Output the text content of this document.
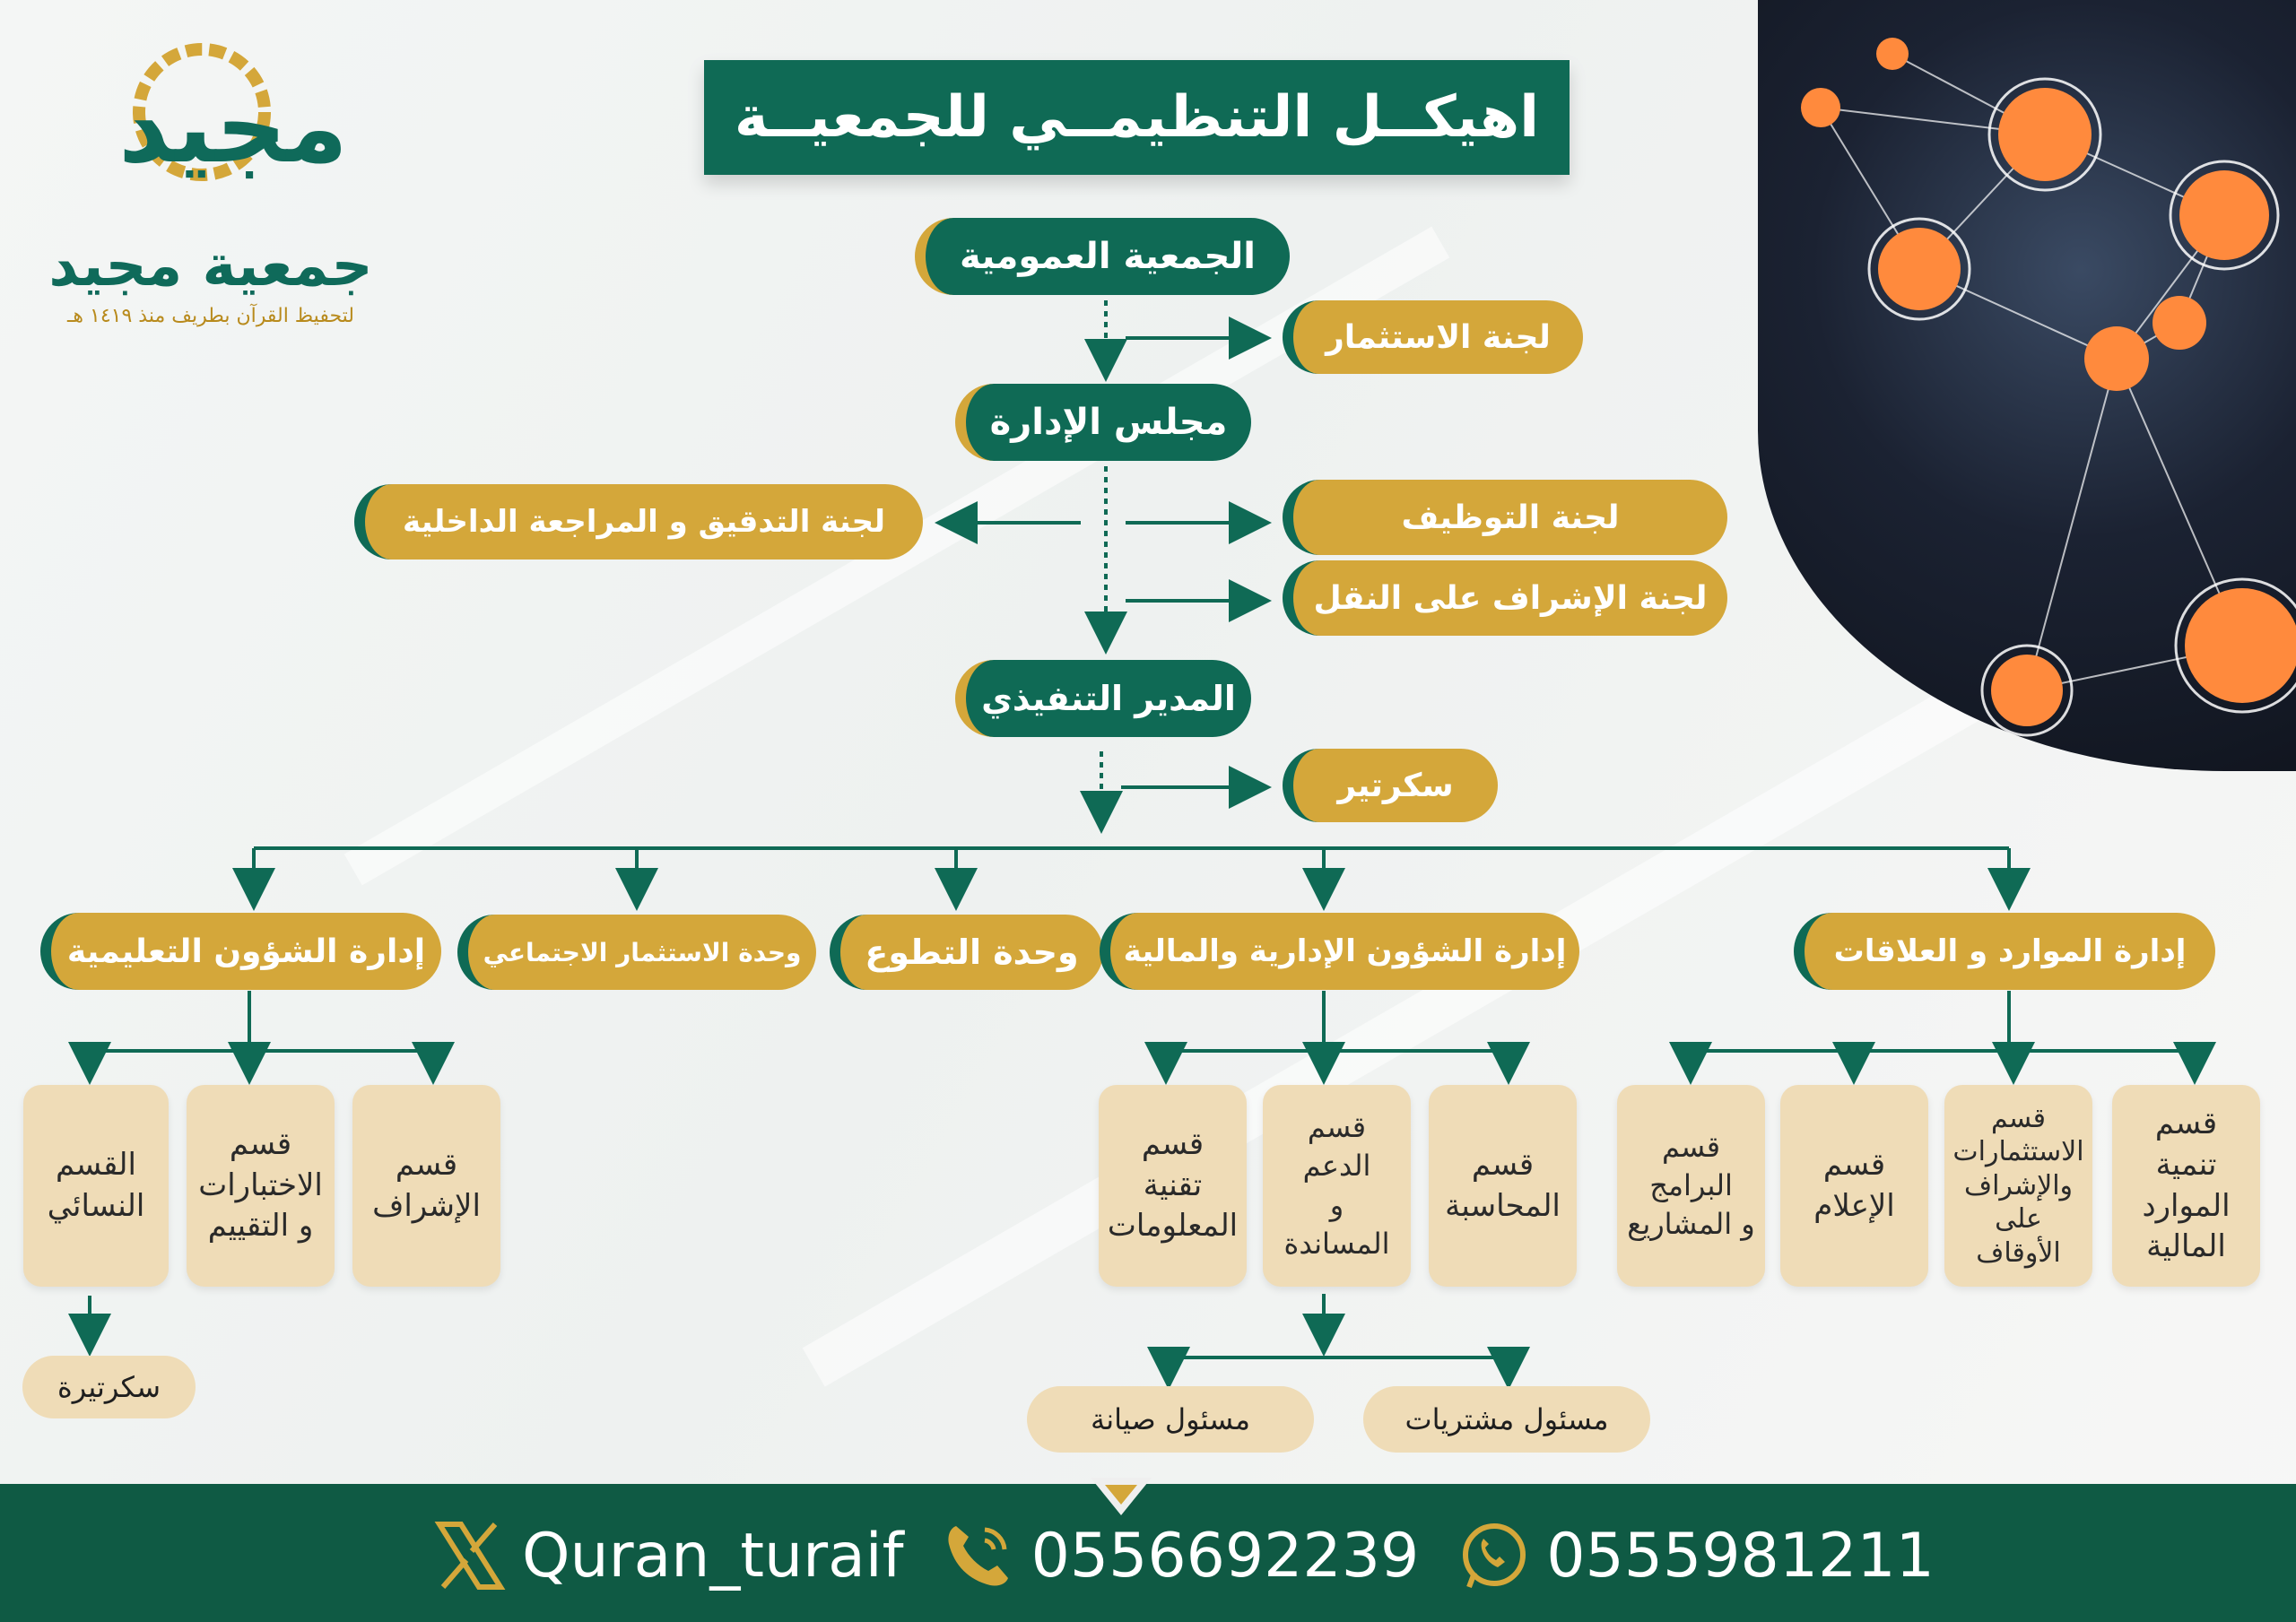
مجيد
جمعية مجيد
لتحفيظ القرآن بطريف منذ ١٤١٩ هـ
اهيكــل التنظيمــي للجمعيــة
الجمعية العمومية
لجنة الاستثمار
مجلس الإدارة
لجنة التدقيق و المراجعة الداخلية	لجنة التوظيف
لجنة الإشراف على النقل
المدير التنفيذي
سكرتير
إدارة الشؤون التعليمية	وحدة الاستثمار الاجتماعي	وحدة التطوع	إدارة الشؤون الإدارية والمالية	إدارة الموارد و العلاقات
القسم
النسائي
قسم
الاختبارات
و التقييم
قسم
الإشراف
سكرتيرة
قسم
تقنية
المعلومات
قسم
الدعم
و
المساندة
قسم
المحاسبة
مسئول صيانة	مسئول مشتريات
قسم
البرامج
و المشاريع
قسم
الإعلام
قسم
الاستثمارات
والإشراف
على
الأوقاف
قسم
تنمية
الموارد
المالية
Quran_turaif 0556692239 0555981211
